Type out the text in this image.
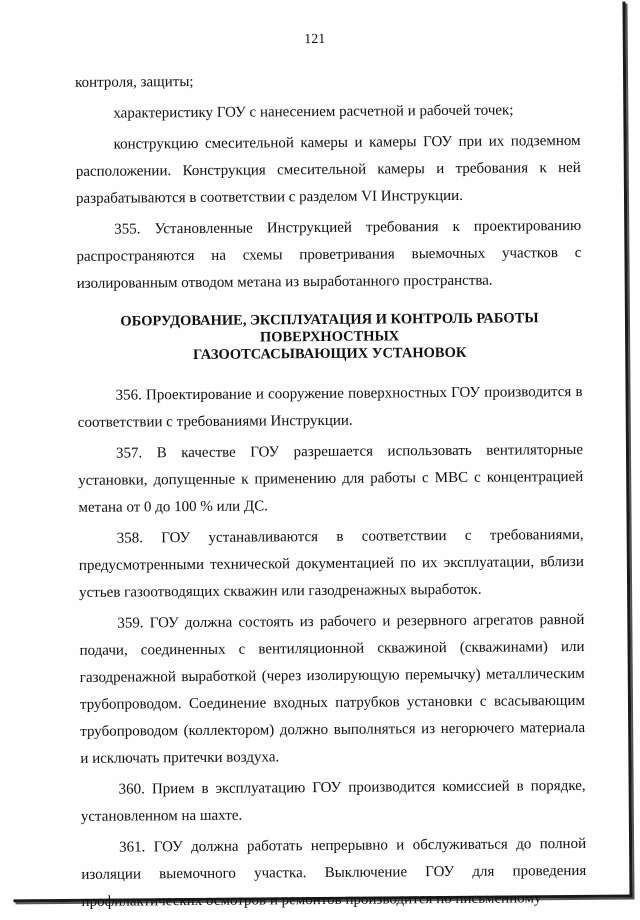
121

контроля, защиты;

характеристику ГОУ с нанесением расчетной и рабочей точек;

конструкцию смесительной камеры и камеры ГОУ при их подземном расположении. Конструкция смесительной камеры и требования к ней разрабатываются в соответствии с разделом VI Инструкции.

355. Установленные Инструкцией требования к проектированию распространяются на схемы проветривания выемочных участков с изолированным отводом метана из выработанного пространства.

ОБОРУДОВАНИЕ, ЭКСПЛУАТАЦИЯ И КОНТРОЛЬ РАБОТЫ ПОВЕРХНОСТНЫХ
ГАЗООТСАСЫВАЮЩИХ УСТАНОВОК

356. Проектирование и сооружение поверхностных ГОУ производится в соответствии с требованиями Инструкции.

357. В качестве ГОУ разрешается использовать вентиляторные установки, допущенные к применению для работы с МВС с концентрацией метана от 0 до 100 % или ДС.

358. ГОУ устанавливаются в соответствии с требованиями, предусмотренными технической документацией по их эксплуатации, вблизи устьев газоотводящих скважин или газодренажных выработок.

359. ГОУ должна состоять из рабочего и резервного агрегатов равной подачи, соединенных с вентиляционной скважиной (скважинами) или газодренажной выработкой (через изолирующую перемычку) металлическим трубопроводом. Соединение входных патрубков установки с всасывающим трубопроводом (коллектором) должно выполняться из негорючего материала и исключать притечки воздуха.

360. Прием в эксплуатацию ГОУ производится комиссией в порядке, установленном на шахте.

361. ГОУ должна работать непрерывно и обслуживаться до полной изоляции выемочного участка. Выключение ГОУ для проведения профилактических осмотров и ремонтов производится по письменному
